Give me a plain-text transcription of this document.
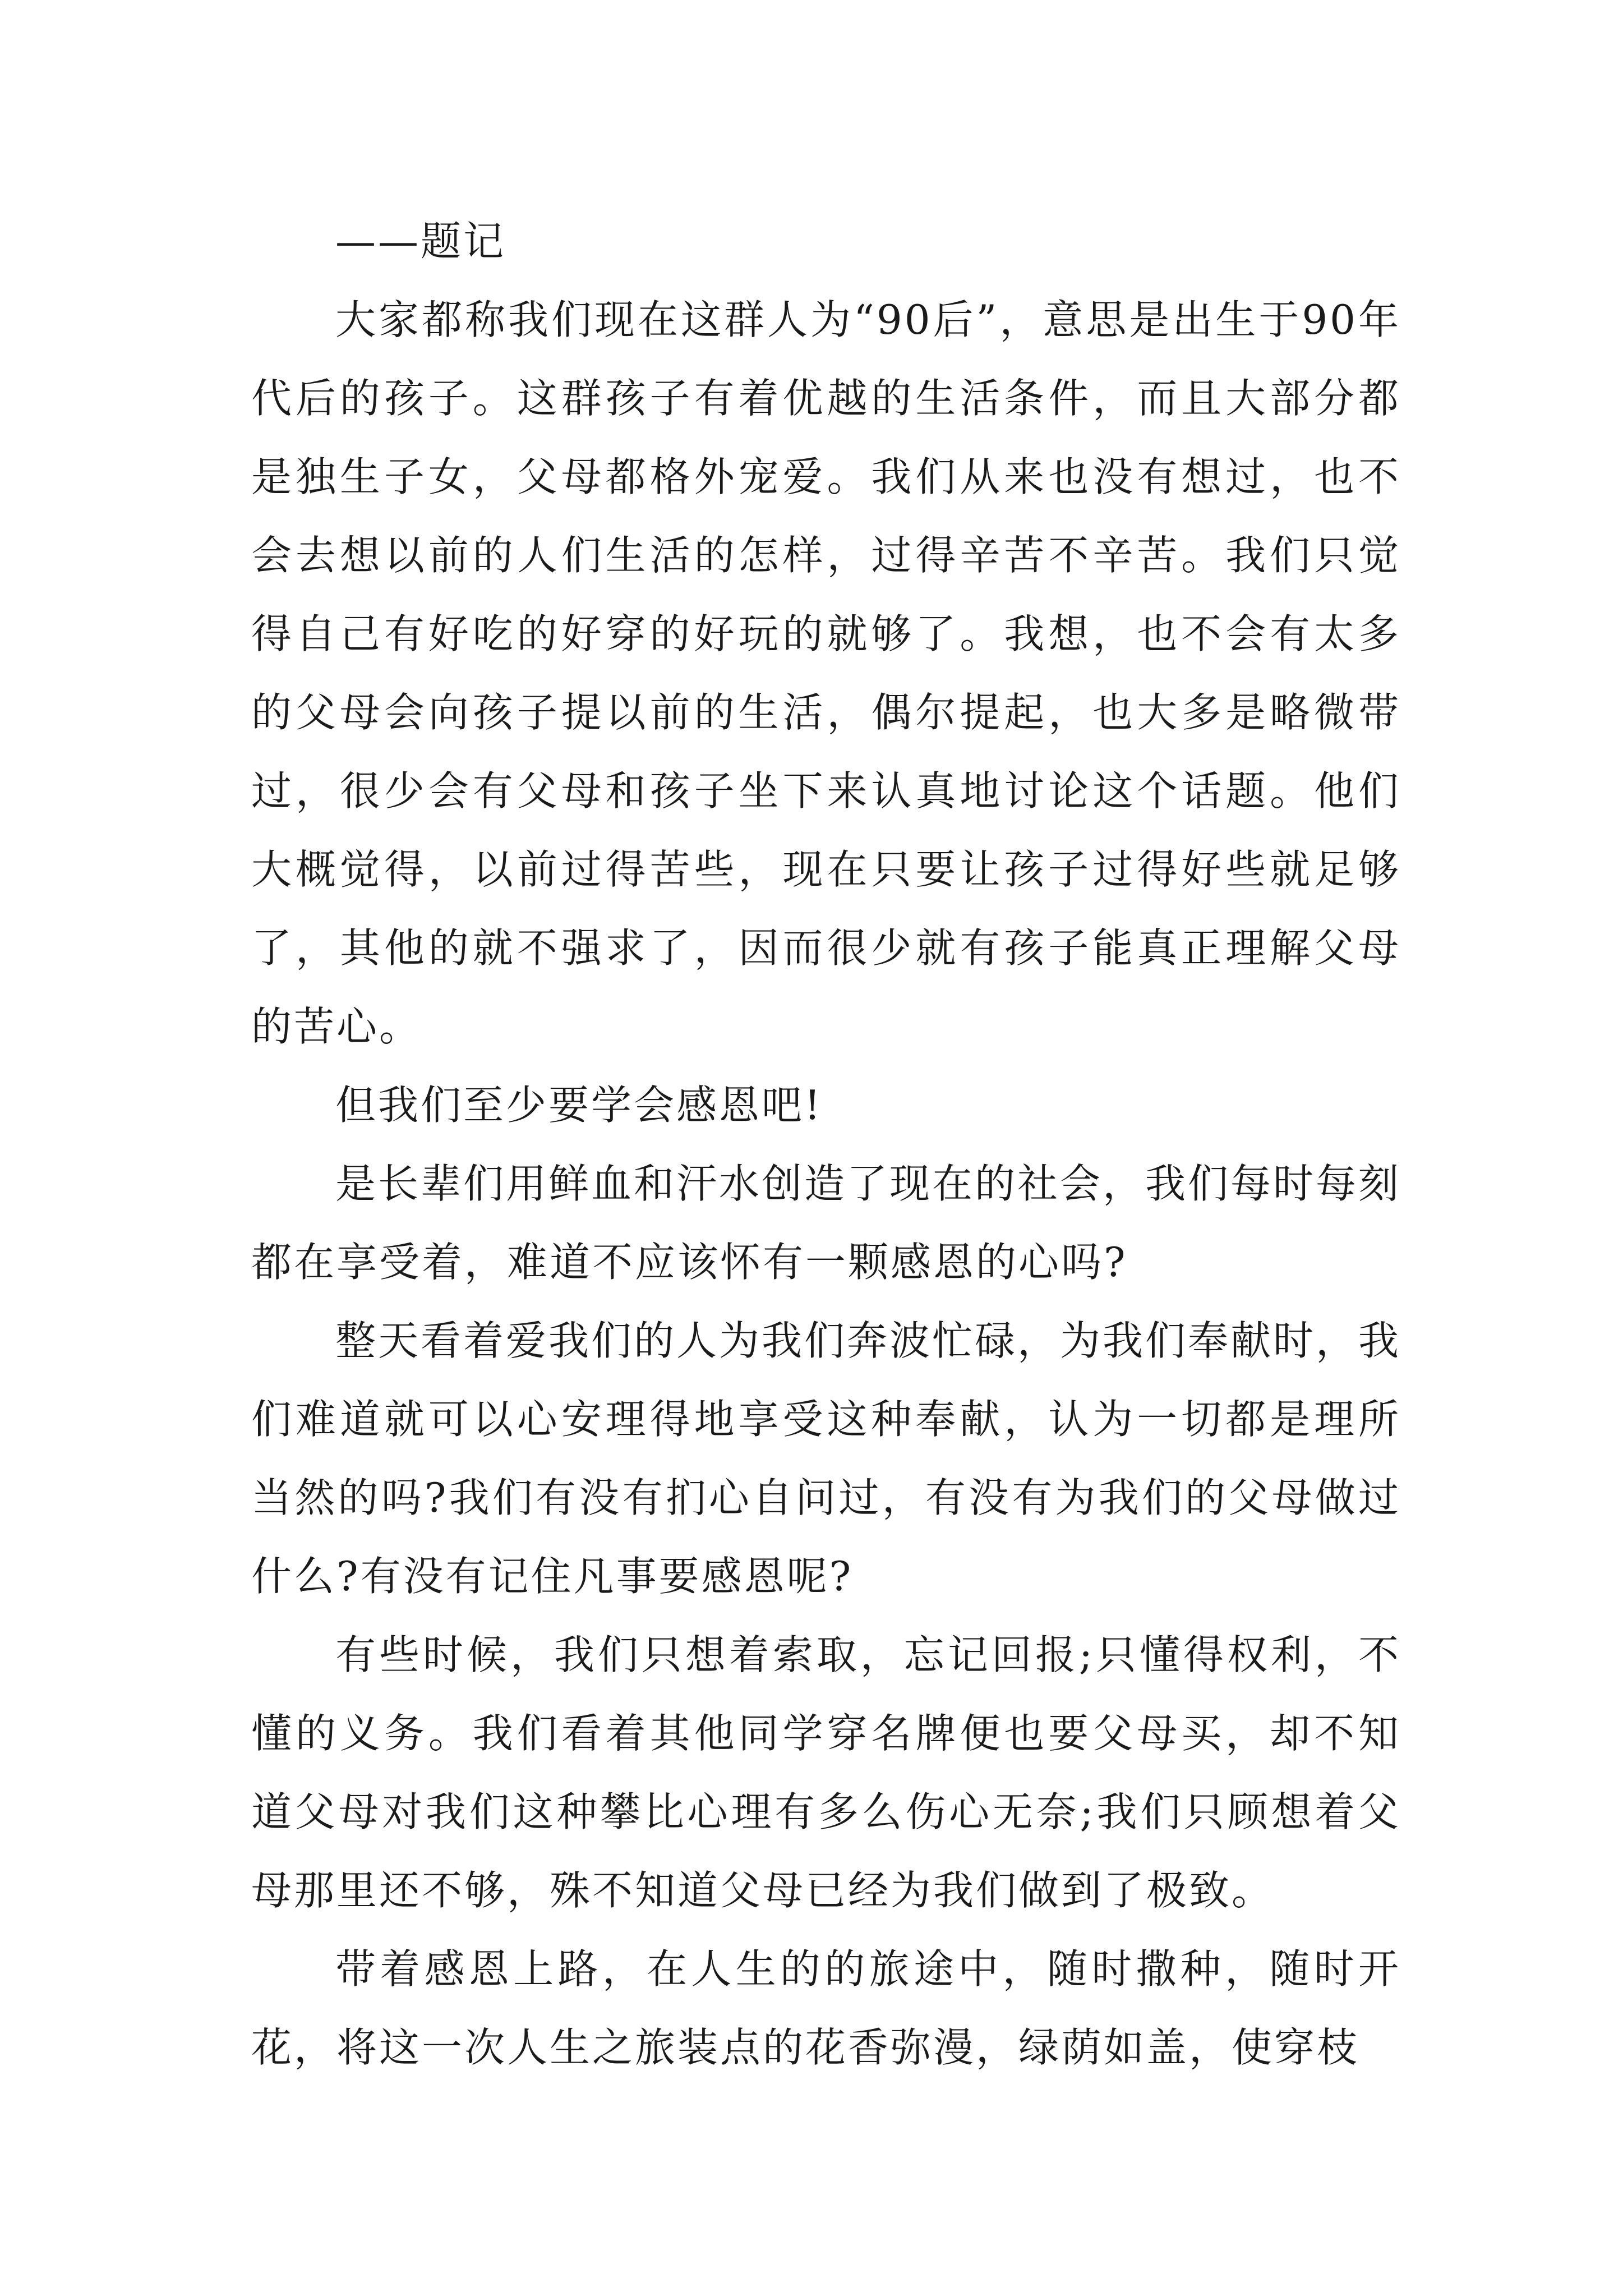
——题记

大家都称我们现在这群人为“90后”，意思是出生于90年代后的孩子。这群孩子有着优越的生活条件，而且大部分都是独生子女，父母都格外宠爱。我们从来也没有想过，也不会去想以前的人们生活的怎样，过得辛苦不辛苦。我们只觉得自己有好吃的好穿的好玩的就够了。我想，也不会有太多的父母会向孩子提以前的生活，偶尔提起，也大多是略微带过，很少会有父母和孩子坐下来认真地讨论这个话题。他们大概觉得，以前过得苦些，现在只要让孩子过得好些就足够了，其他的就不强求了，因而很少就有孩子能真正理解父母的苦心。

但我们至少要学会感恩吧!

是长辈们用鲜血和汗水创造了现在的社会，我们每时每刻都在享受着，难道不应该怀有一颗感恩的心吗?

整天看着爱我们的人为我们奔波忙碌，为我们奉献时，我们难道就可以心安理得地享受这种奉献，认为一切都是理所当然的吗?我们有没有扪心自问过，有没有为我们的父母做过什么?有没有记住凡事要感恩呢?

有些时候，我们只想着索取，忘记回报;只懂得权利，不懂的义务。我们看着其他同学穿名牌便也要父母买，却不知道父母对我们这种攀比心理有多么伤心无奈;我们只顾想着父母那里还不够，殊不知道父母已经为我们做到了极致。

带着感恩上路，在人生的的旅途中，随时撒种，随时开花，将这一次人生之旅装点的花香弥漫，绿荫如盖，使穿枝
